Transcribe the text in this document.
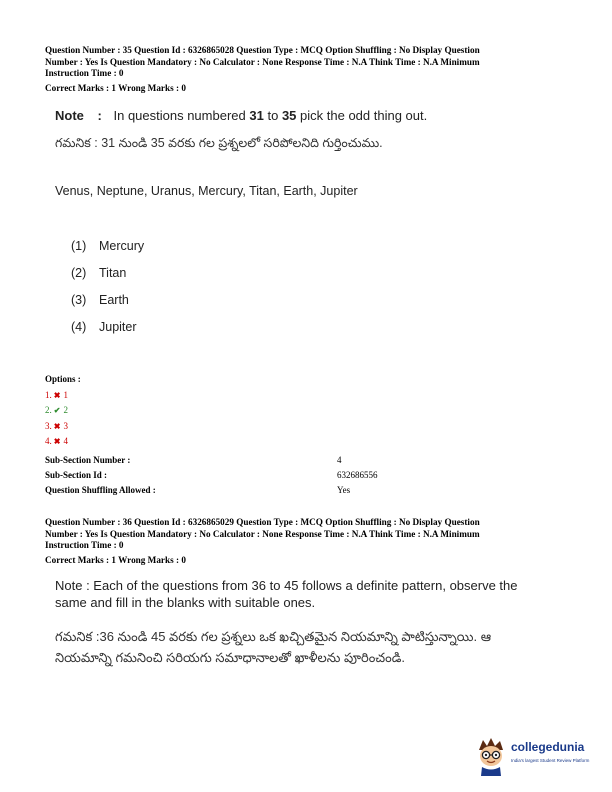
Question Number : 35 Question Id : 6326865028 Question Type : MCQ Option Shuffling : No Display Question
Number : Yes Is Question Mandatory : No Calculator : None Response Time : N.A Think Time : N.A Minimum
Instruction Time : 0
Correct Marks : 1 Wrong Marks : 0
Note : In questions numbered 31 to 35 pick the odd thing out.
గమనిక : 31 నుండి 35 వరకు గల ప్రశ్నలలో సరిపోలనిది గుర్తించుము.
Venus, Neptune, Uranus, Mercury, Titan, Earth, Jupiter
(1) Mercury
(2) Titan
(3) Earth
(4) Jupiter
Options :
1. ✖ 1
2. ✔ 2
3. ✖ 3
4. ✖ 4
Sub-Section Number :	4
Sub-Section Id :	632686556
Question Shuffling Allowed :	Yes
Question Number : 36 Question Id : 6326865029 Question Type : MCQ Option Shuffling : No Display Question
Number : Yes Is Question Mandatory : No Calculator : None Response Time : N.A Think Time : N.A Minimum
Instruction Time : 0
Correct Marks : 1 Wrong Marks : 0
Note : Each of the questions from 36 to 45 follows a definite pattern, observe the same and fill in the blanks with suitable ones.
గమనిక :36 నుండి 45 వరకు గల ప్రశ్నలు ఒక ఖచ్చితమైన నియమాన్ని పాటిస్తున్నాయి. ఆ నియమాన్ని గమనించి సరియగు సమాధానాలతో ఖాళీలను పూరించండి.
collegedunia
India's largest Student Review Platform
